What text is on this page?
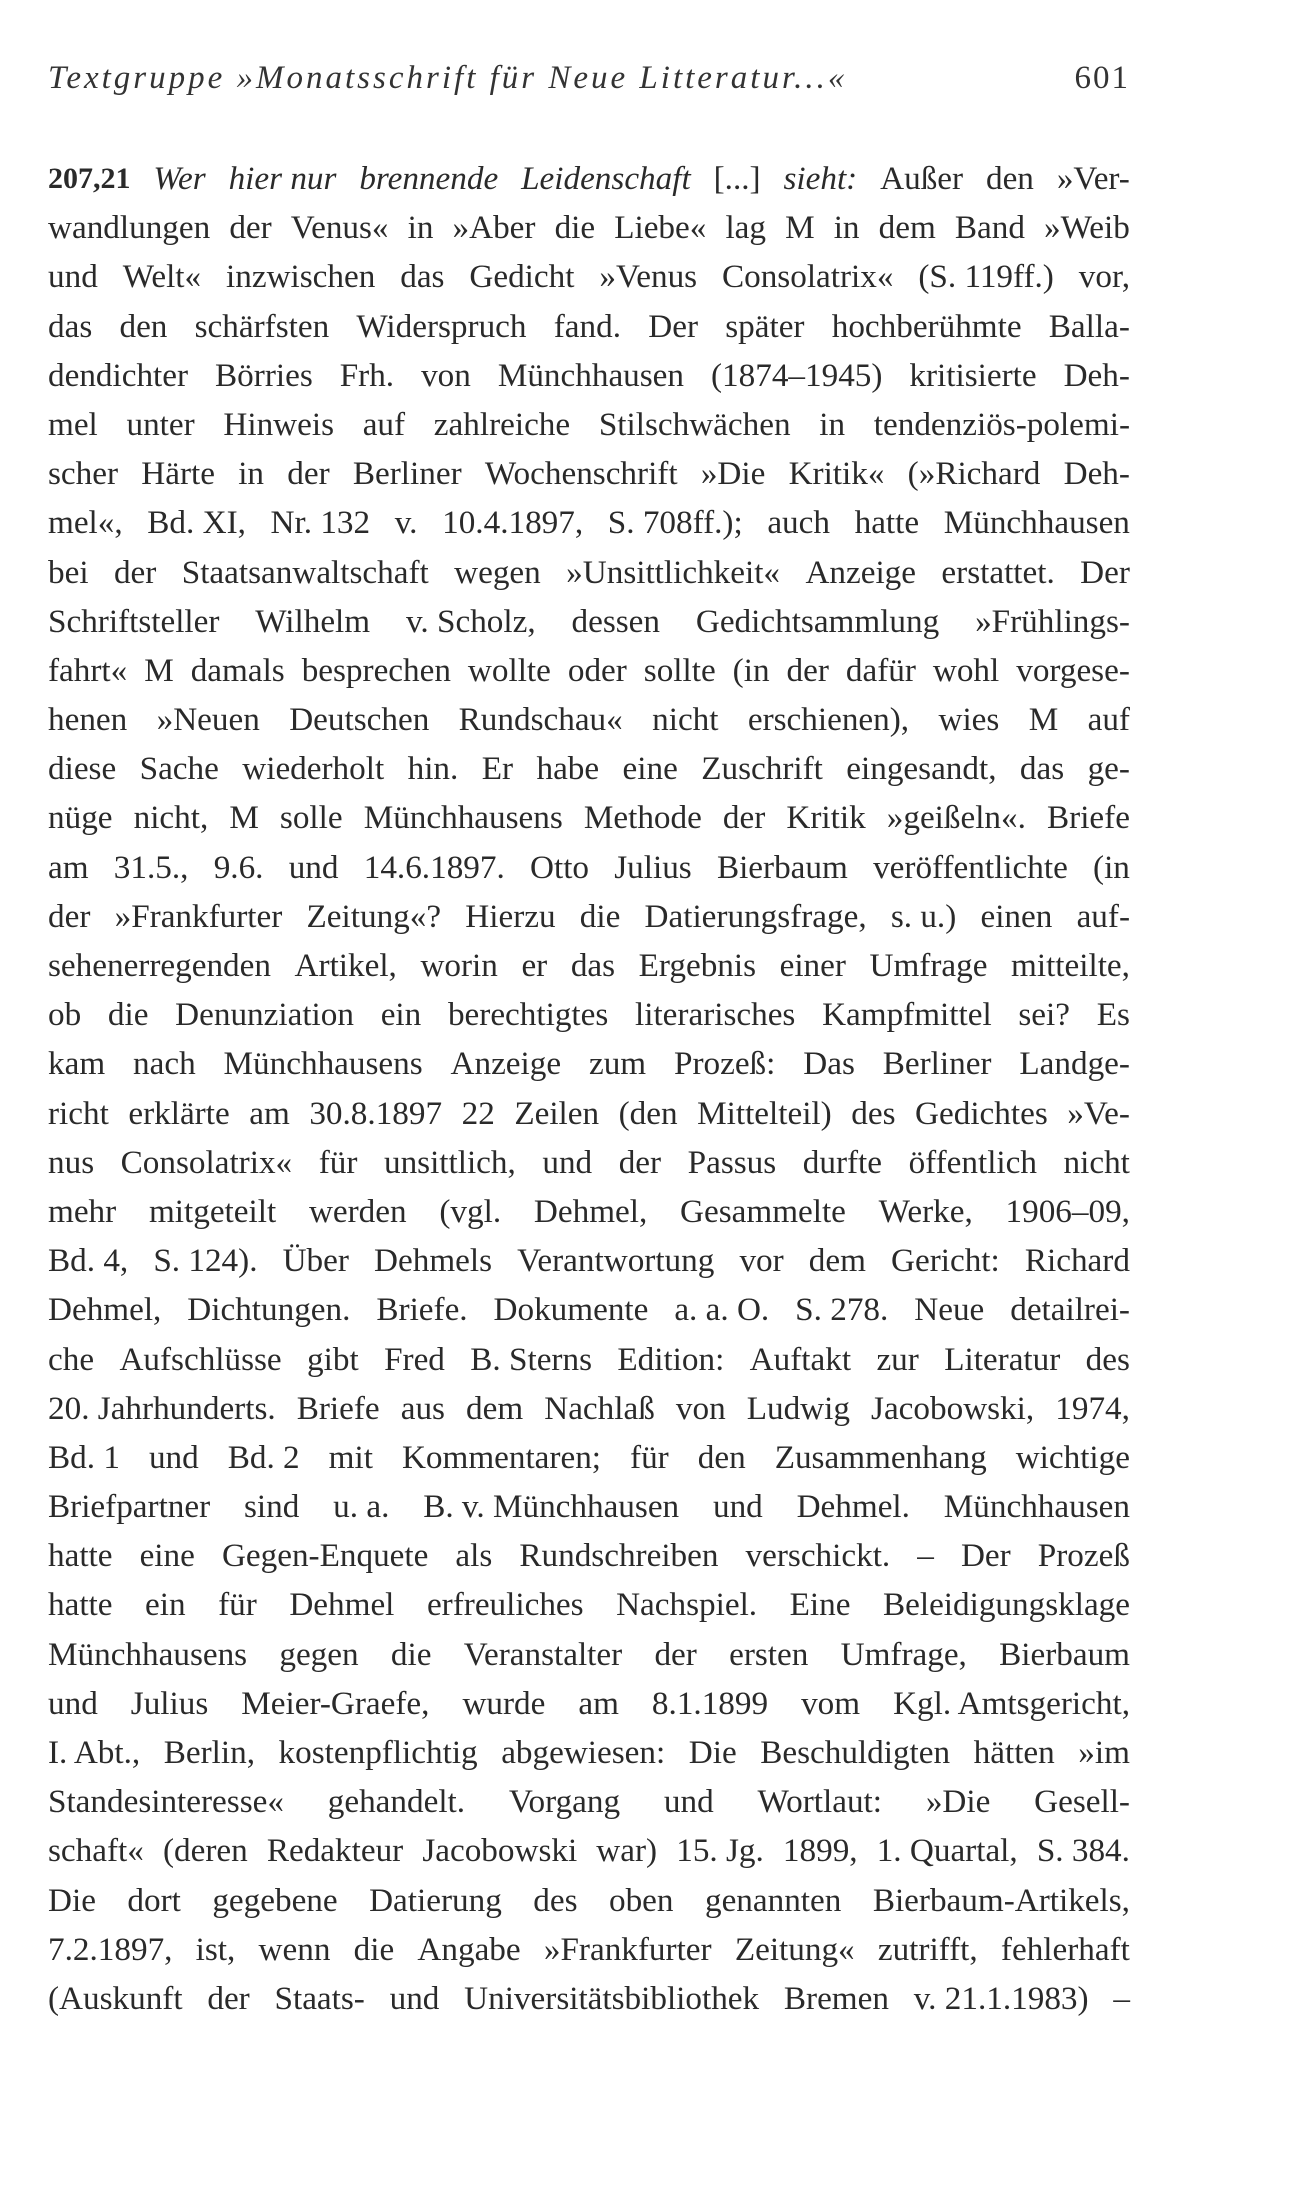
Textgruppe »Monatsschrift für Neue Litteratur...«	601
207,21 Wer hier nur brennende Leidenschaft [...] sieht: Außer den »Ver-
wandlungen der Venus« in »Aber die Liebe« lag M in dem Band »Weib
und Welt« inzwischen das Gedicht »Venus Consolatrix« (S. 119ff.) vor,
das den schärfsten Widerspruch fand. Der später hochberühmte Balla-
dendichter Börries Frh. von Münchhausen (1874–1945) kritisierte Deh-
mel unter Hinweis auf zahlreiche Stilschwächen in tendenziös-polemi-
scher Härte in der Berliner Wochenschrift »Die Kritik« (»Richard Deh-
mel«, Bd. XI, Nr. 132 v. 10.4.1897, S. 708ff.); auch hatte Münchhausen
bei der Staatsanwaltschaft wegen »Unsittlichkeit« Anzeige erstattet. Der
Schriftsteller Wilhelm v. Scholz, dessen Gedichtsammlung »Frühlings-
fahrt« M damals besprechen wollte oder sollte (in der dafür wohl vorgese-
henen »Neuen Deutschen Rundschau« nicht erschienen), wies M auf
diese Sache wiederholt hin. Er habe eine Zuschrift eingesandt, das ge-
nüge nicht, M solle Münchhausens Methode der Kritik »geißeln«. Briefe
am 31.5., 9.6. und 14.6.1897. Otto Julius Bierbaum veröffentlichte (in
der »Frankfurter Zeitung«? Hierzu die Datierungsfrage, s. u.) einen auf-
sehenerregenden Artikel, worin er das Ergebnis einer Umfrage mitteilte,
ob die Denunziation ein berechtigtes literarisches Kampfmittel sei? Es
kam nach Münchhausens Anzeige zum Prozeß: Das Berliner Landge-
richt erklärte am 30.8.1897 22 Zeilen (den Mittelteil) des Gedichtes »Ve-
nus Consolatrix« für unsittlich, und der Passus durfte öffentlich nicht
mehr mitgeteilt werden (vgl. Dehmel, Gesammelte Werke, 1906–09,
Bd. 4, S. 124). Über Dehmels Verantwortung vor dem Gericht: Richard
Dehmel, Dichtungen. Briefe. Dokumente a. a. O. S. 278. Neue detailrei-
che Aufschlüsse gibt Fred B. Sterns Edition: Auftakt zur Literatur des
20. Jahrhunderts. Briefe aus dem Nachlaß von Ludwig Jacobowski, 1974,
Bd. 1 und Bd. 2 mit Kommentaren; für den Zusammenhang wichtige
Briefpartner sind u. a. B. v. Münchhausen und Dehmel. Münchhausen
hatte eine Gegen-Enquete als Rundschreiben verschickt. – Der Prozeß
hatte ein für Dehmel erfreuliches Nachspiel. Eine Beleidigungsklage
Münchhausens gegen die Veranstalter der ersten Umfrage, Bierbaum
und Julius Meier-Graefe, wurde am 8.1.1899 vom Kgl. Amtsgericht,
I. Abt., Berlin, kostenpflichtig abgewiesen: Die Beschuldigten hätten »im
Standesinteresse« gehandelt. Vorgang und Wortlaut: »Die Gesell-
schaft« (deren Redakteur Jacobowski war) 15. Jg. 1899, 1. Quartal, S. 384.
Die dort gegebene Datierung des oben genannten Bierbaum-Artikels,
7.2.1897, ist, wenn die Angabe »Frankfurter Zeitung« zutrifft, fehlerhaft
(Auskunft der Staats- und Universitätsbibliothek Bremen v. 21.1.1983) –
